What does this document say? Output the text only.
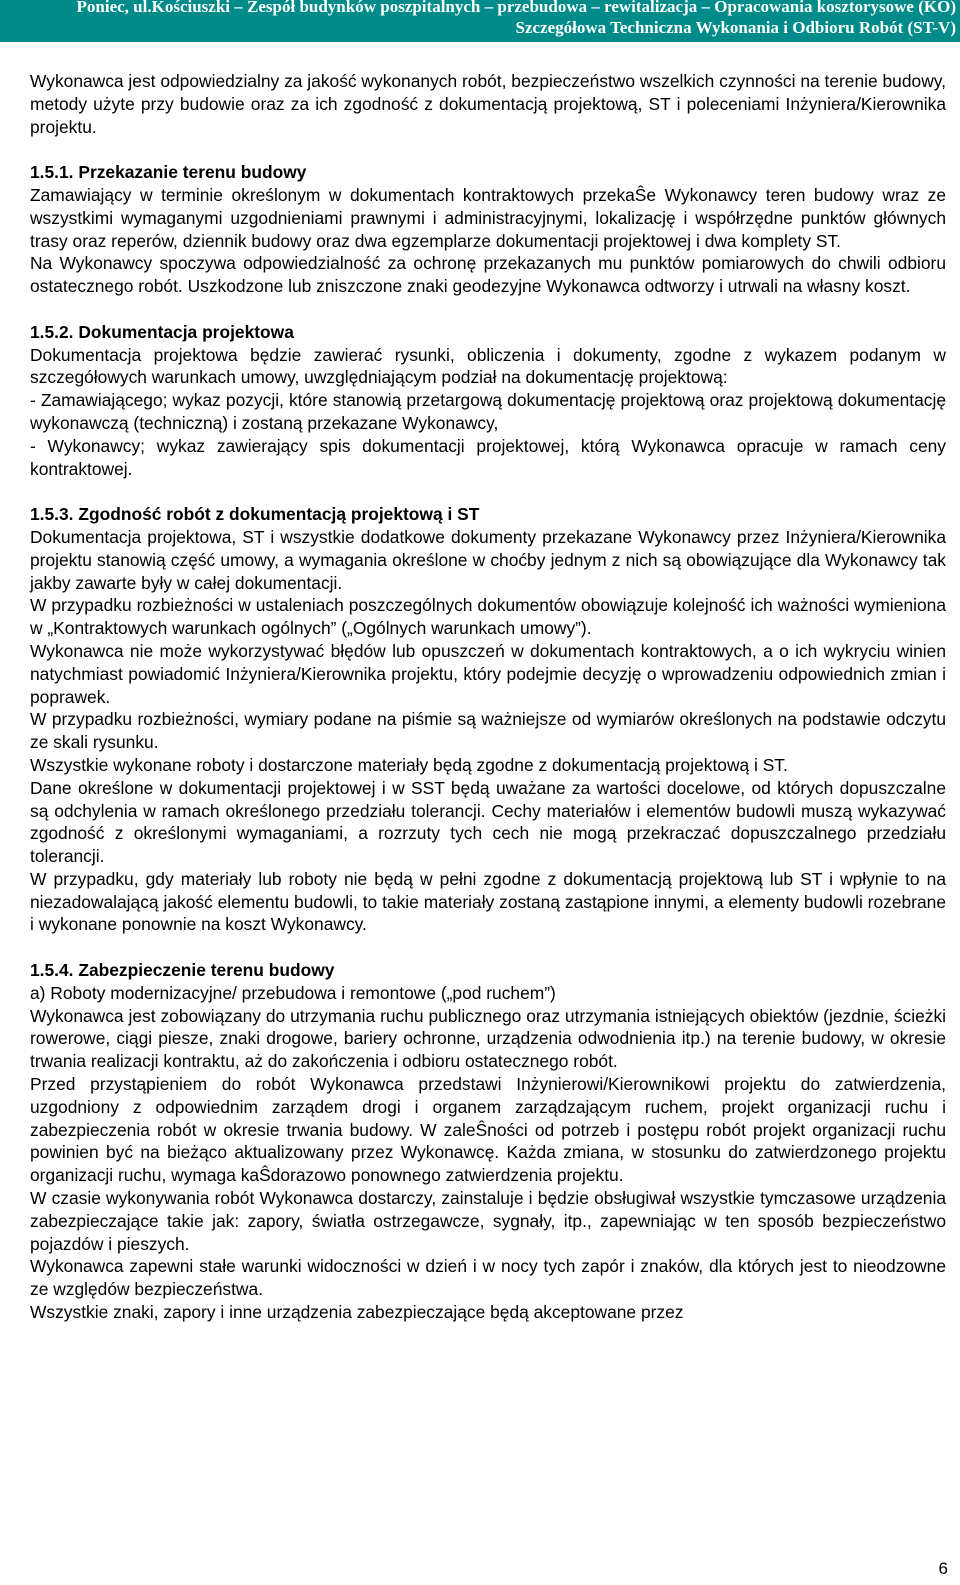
Poniec, ul.Kościuszki – Zespół budynków poszpitalnych – przebudowa – rewitalizacja – Opracowania kosztorysowe (KO)
Szczegółowa Techniczna Wykonania i Odbioru Robót (ST-V)

Wykonawca jest odpowiedzialny za jakość wykonanych robót, bezpieczeństwo wszelkich czynności na terenie budowy, metody użyte przy budowie oraz za ich zgodność z dokumentacją projektową, ST i poleceniami Inżyniera/Kierownika projektu.

1.5.1. Przekazanie terenu budowy

Zamawiający w terminie określonym w dokumentach kontraktowych przekaŜe Wykonawcy teren budowy wraz ze wszystkimi wymaganymi uzgodnieniami prawnymi i administracyjnymi, lokalizację i współrzędne punktów głównych trasy oraz reperów, dziennik budowy oraz dwa egzemplarze dokumentacji projektowej i dwa komplety ST.

Na Wykonawcy spoczywa odpowiedzialność za ochronę przekazanych mu punktów pomiarowych do chwili odbioru ostatecznego robót. Uszkodzone lub zniszczone znaki geodezyjne Wykonawca odtworzy i utrwali na własny koszt.

1.5.2. Dokumentacja projektowa

Dokumentacja projektowa będzie zawierać rysunki, obliczenia i dokumenty, zgodne z wykazem podanym w szczegółowych warunkach umowy, uwzględniającym podział na dokumentację projektową:

- Zamawiającego; wykaz pozycji, które stanowią przetargową dokumentację projektową oraz projektową dokumentację wykonawczą (techniczną) i zostaną przekazane Wykonawcy,

- Wykonawcy; wykaz zawierający spis dokumentacji projektowej, którą Wykonawca opracuje w ramach ceny kontraktowej.

1.5.3. Zgodność robót z dokumentacją projektową i ST

Dokumentacja projektowa, ST i wszystkie dodatkowe dokumenty przekazane Wykonawcy przez Inżyniera/Kierownika projektu stanowią część umowy, a wymagania określone w choćby jednym z nich są obowiązujące dla Wykonawcy tak jakby zawarte były w całej dokumentacji.

W przypadku rozbieżności w ustaleniach poszczególnych dokumentów obowiązuje kolejność ich ważności wymieniona w „Kontraktowych warunkach ogólnych” („Ogólnych warunkach umowy”).

Wykonawca nie może wykorzystywać błędów lub opuszczeń w dokumentach kontraktowych, a o ich wykryciu winien natychmiast powiadomić Inżyniera/Kierownika projektu, który podejmie decyzję o wprowadzeniu odpowiednich zmian i poprawek.

W przypadku rozbieżności, wymiary podane na piśmie są ważniejsze od wymiarów określonych na podstawie odczytu ze skali rysunku.

Wszystkie wykonane roboty i dostarczone materiały będą zgodne z dokumentacją projektową i ST.

Dane określone w dokumentacji projektowej i w SST będą uważane za wartości docelowe, od których dopuszczalne są odchylenia w ramach określonego przedziału tolerancji. Cechy materiałów i elementów budowli muszą wykazywać zgodność z określonymi wymaganiami, a rozrzuty tych cech nie mogą przekraczać dopuszczalnego przedziału tolerancji.

W przypadku, gdy materiały lub roboty nie będą w pełni zgodne z dokumentacją projektową lub ST i wpłynie to na niezadowalającą jakość elementu budowli, to takie materiały zostaną zastąpione innymi, a elementy budowli rozebrane i wykonane ponownie na koszt Wykonawcy.

1.5.4. Zabezpieczenie terenu budowy

a) Roboty modernizacyjne/ przebudowa i remontowe („pod ruchem”)

Wykonawca jest zobowiązany do utrzymania ruchu publicznego oraz utrzymania istniejących obiektów (jezdnie, ścieżki rowerowe, ciągi piesze, znaki drogowe, bariery ochronne, urządzenia odwodnienia itp.) na terenie budowy, w okresie trwania realizacji kontraktu, aż do zakończenia i odbioru ostatecznego robót.

Przed przystąpieniem do robót Wykonawca przedstawi Inżynierowi/Kierownikowi projektu do zatwierdzenia, uzgodniony z odpowiednim zarządem drogi i organem zarządzającym ruchem, projekt organizacji ruchu i zabezpieczenia robót w okresie trwania budowy. W zaleŜności od potrzeb i postępu robót projekt organizacji ruchu powinien być na bieżąco aktualizowany przez Wykonawcę. Każda zmiana, w stosunku do zatwierdzonego projektu organizacji ruchu, wymaga kaŜdorazowo ponownego zatwierdzenia projektu.

W czasie wykonywania robót Wykonawca dostarczy, zainstaluje i będzie obsługiwał wszystkie tymczasowe urządzenia zabezpieczające takie jak: zapory, światła ostrzegawcze, sygnały, itp., zapewniając w ten sposób bezpieczeństwo pojazdów i pieszych.

Wykonawca zapewni stałe warunki widoczności w dzień i w nocy tych zapór i znaków, dla których jest to nieodzowne ze względów bezpieczeństwa.

Wszystkie znaki, zapory i inne urządzenia zabezpieczające będą akceptowane przez

6
